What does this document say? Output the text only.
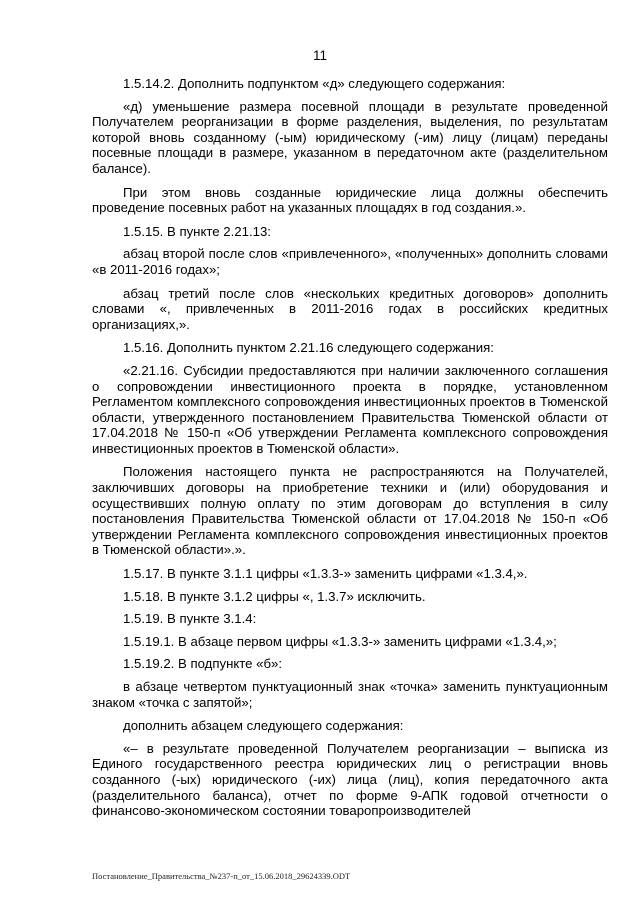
11

1.5.14.2. Дополнить подпунктом «д» следующего содержания:

«д) уменьшение размера посевной площади в результате проведенной Получателем реорганизации в форме разделения, выделения, по результатам которой вновь созданному (-ым) юридическому (-им) лицу (лицам) переданы посевные площади в размере, указанном в передаточном акте (разделительном балансе).

При этом вновь созданные юридические лица должны обеспечить проведение посевных работ на указанных площадях в год создания.».

1.5.15. В пункте 2.21.13:

абзац второй после слов «привлеченного», «полученных» дополнить словами «в 2011-2016 годах»;

абзац третий после слов «нескольких кредитных договоров» дополнить словами «, привлеченных в 2011-2016 годах в российских кредитных организациях,».

1.5.16. Дополнить пунктом 2.21.16 следующего содержания:

«2.21.16. Субсидии предоставляются при наличии заключенного соглашения о сопровождении инвестиционного проекта в порядке, установленном Регламентом комплексного сопровождения инвестиционных проектов в Тюменской области, утвержденного постановлением Правительства Тюменской области от 17.04.2018 № 150-п «Об утверждении Регламента комплексного сопровождения инвестиционных проектов в Тюменской области».

Положения настоящего пункта не распространяются на Получателей, заключивших договоры на приобретение техники и (или) оборудования и осуществивших полную оплату по этим договорам до вступления в силу постановления Правительства Тюменской области от 17.04.2018 № 150-п «Об утверждении Регламента комплексного сопровождения инвестиционных проектов в Тюменской области».».

1.5.17. В пункте 3.1.1 цифры «1.3.3-» заменить цифрами «1.3.4,».

1.5.18. В пункте 3.1.2 цифры «, 1.3.7» исключить.

1.5.19. В пункте 3.1.4:

1.5.19.1. В абзаце первом цифры «1.3.3-» заменить цифрами «1.3.4,»;

1.5.19.2. В подпункте «б»:

в абзаце четвертом пунктуационный знак «точка» заменить пунктуационным знаком «точка с запятой»;

дополнить абзацем следующего содержания:

«– в результате проведенной Получателем реорганизации – выписка из Единого государственного реестра юридических лиц о регистрации вновь созданного (-ых) юридического (-их) лица (лиц), копия передаточного акта (разделительного баланса), отчет по форме 9-АПК годовой отчетности о финансово-экономическом состоянии товаропроизводителей

Постановление_Правительства_№237-п_от_15.06.2018_29624339.ODT
